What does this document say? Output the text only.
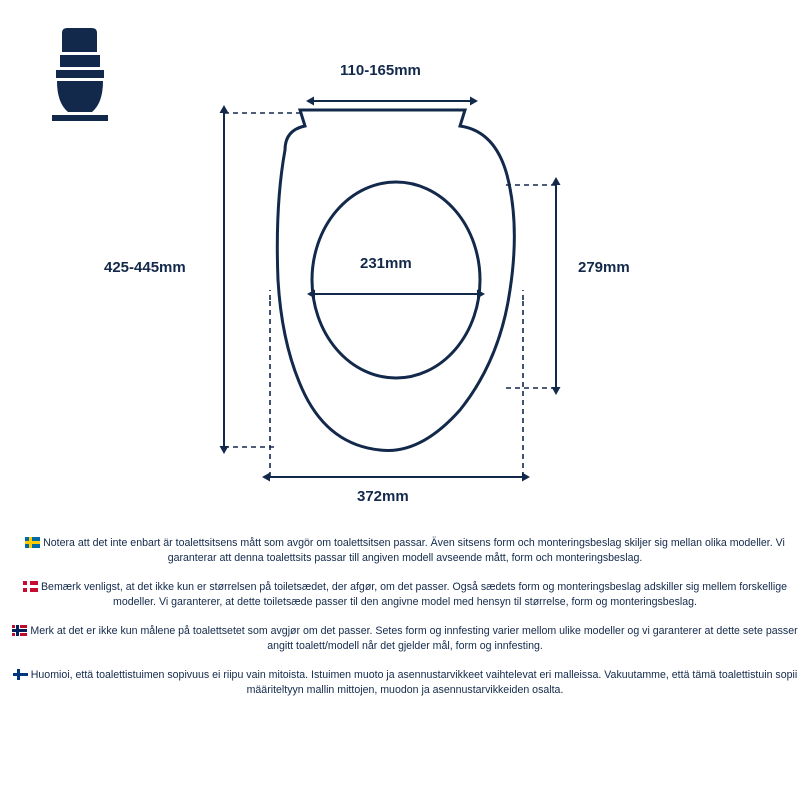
110-165mm
425-445mm	231mm	279mm
372mm
Notera att det inte enbart är toalettsitsens mått som avgör om toalettsitsen passar. Även sitsens form och monteringsbeslag skiljer sig mellan olika modeller. Vi garanterar att denna toalettsits passar till angiven modell avseende mått, form och monteringsbeslag.
Bemærk venligst, at det ikke kun er størrelsen på toiletsædet, der afgør, om det passer. Også sædets form og monteringsbeslag adskiller sig mellem forskellige modeller. Vi garanterer, at dette toiletsæde passer til den angivne model med hensyn til størrelse, form og monteringsbeslag.
Merk at det er ikke kun målene på toalettsetet som avgjør om det passer. Setes form og innfesting varier mellom ulike modeller og vi garanterer at dette sete passer angitt toalett/modell når det gjelder mål, form og innfesting.
Huomioi, että toalettistuimen sopivuus ei riipu vain mitoista. Istuimen muoto ja asennustarvikkeet vaihtelevat eri malleissa. Vakuutamme, että tämä toalettistuin sopii määriteltyyn mallin mittojen, muodon ja asennustarvikkeiden osalta.
